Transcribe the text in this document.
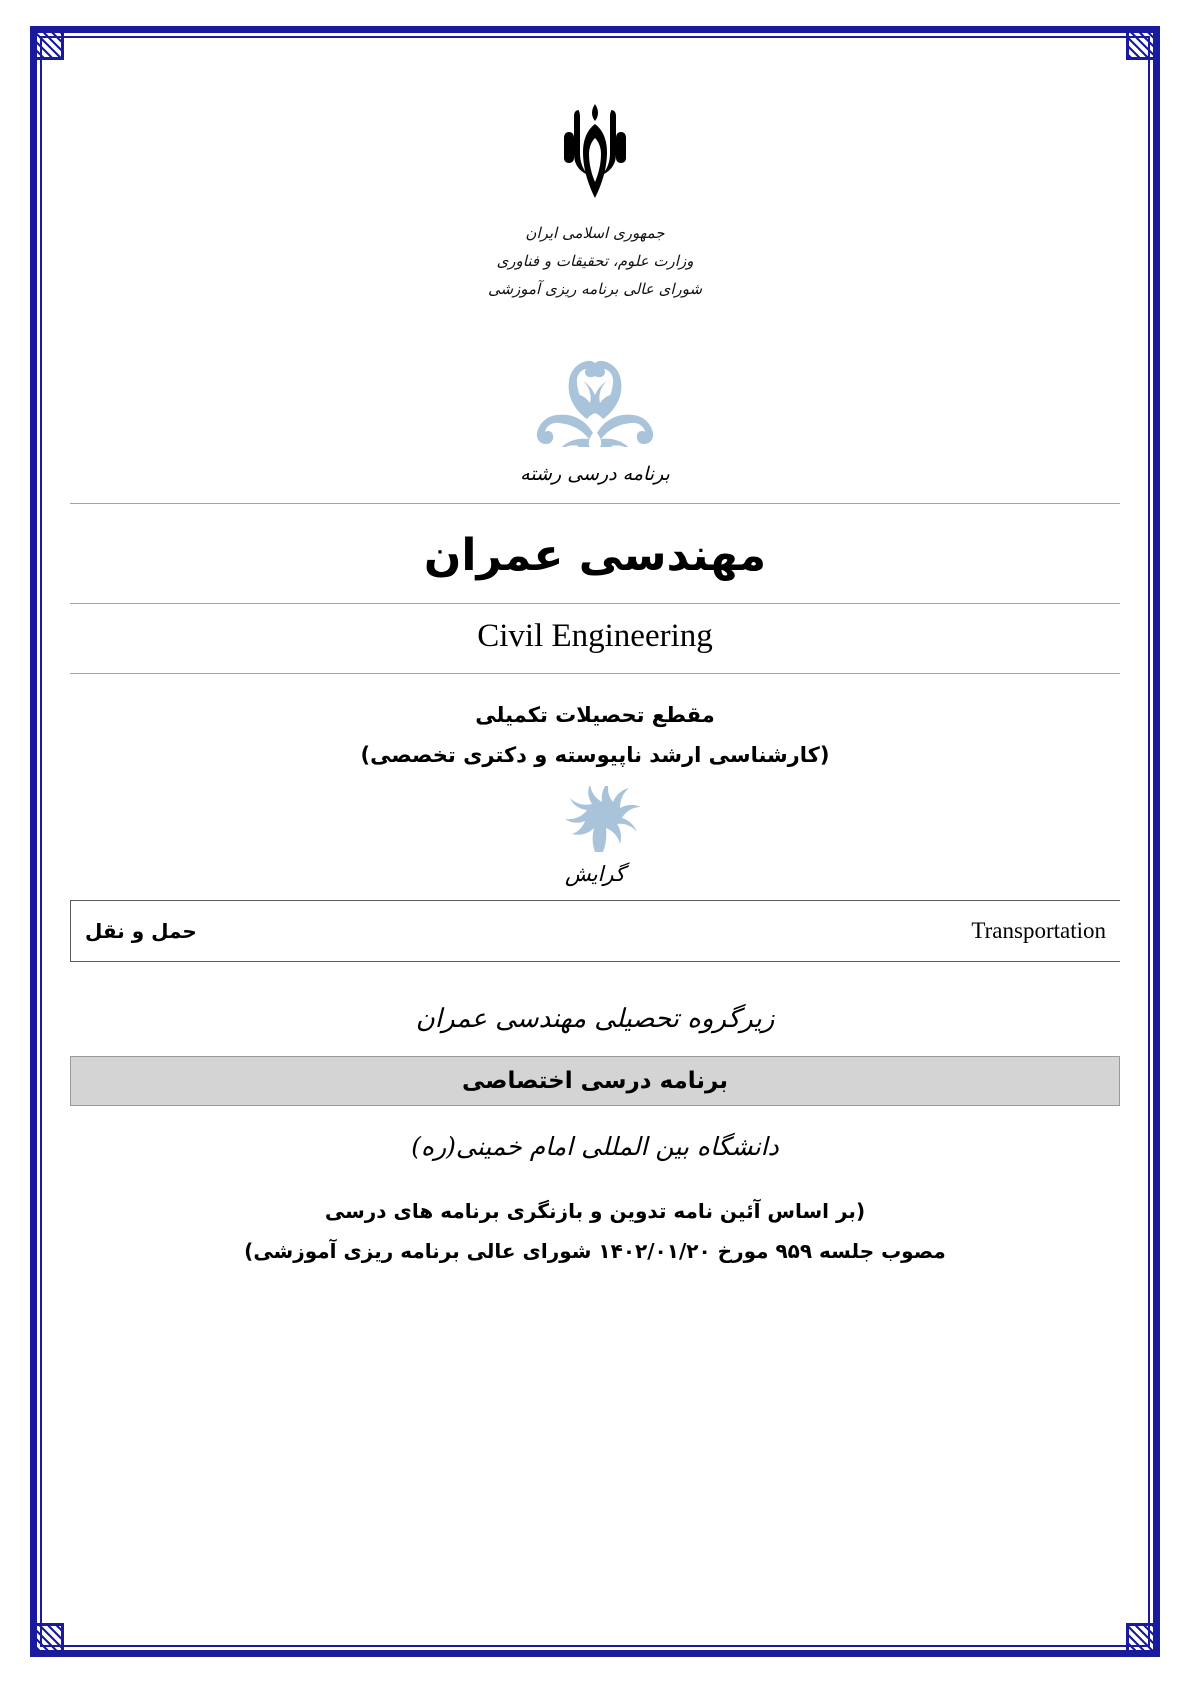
جمهوری اسلامی ایران
وزارت علوم، تحقیقات و فناوری
شورای عالی برنامه ریزی آموزشی
برنامه درسی رشته
مهندسی عمران
Civil Engineering
مقطع تحصیلات تکمیلی
(کارشناسی ارشد ناپیوسته و دکتری تخصصی)
گرایش
Transportation	حمل و نقل
زیرگروه تحصیلی مهندسی عمران
برنامه درسی اختصاصی
دانشگاه بین المللی امام خمینی(ره)
(بر اساس آئین نامه تدوین و بازنگری برنامه های درسی
مصوب جلسه ۹۵۹ مورخ ۱۴۰۲/۰۱/۲۰ شورای عالی برنامه ریزی آموزشی)
